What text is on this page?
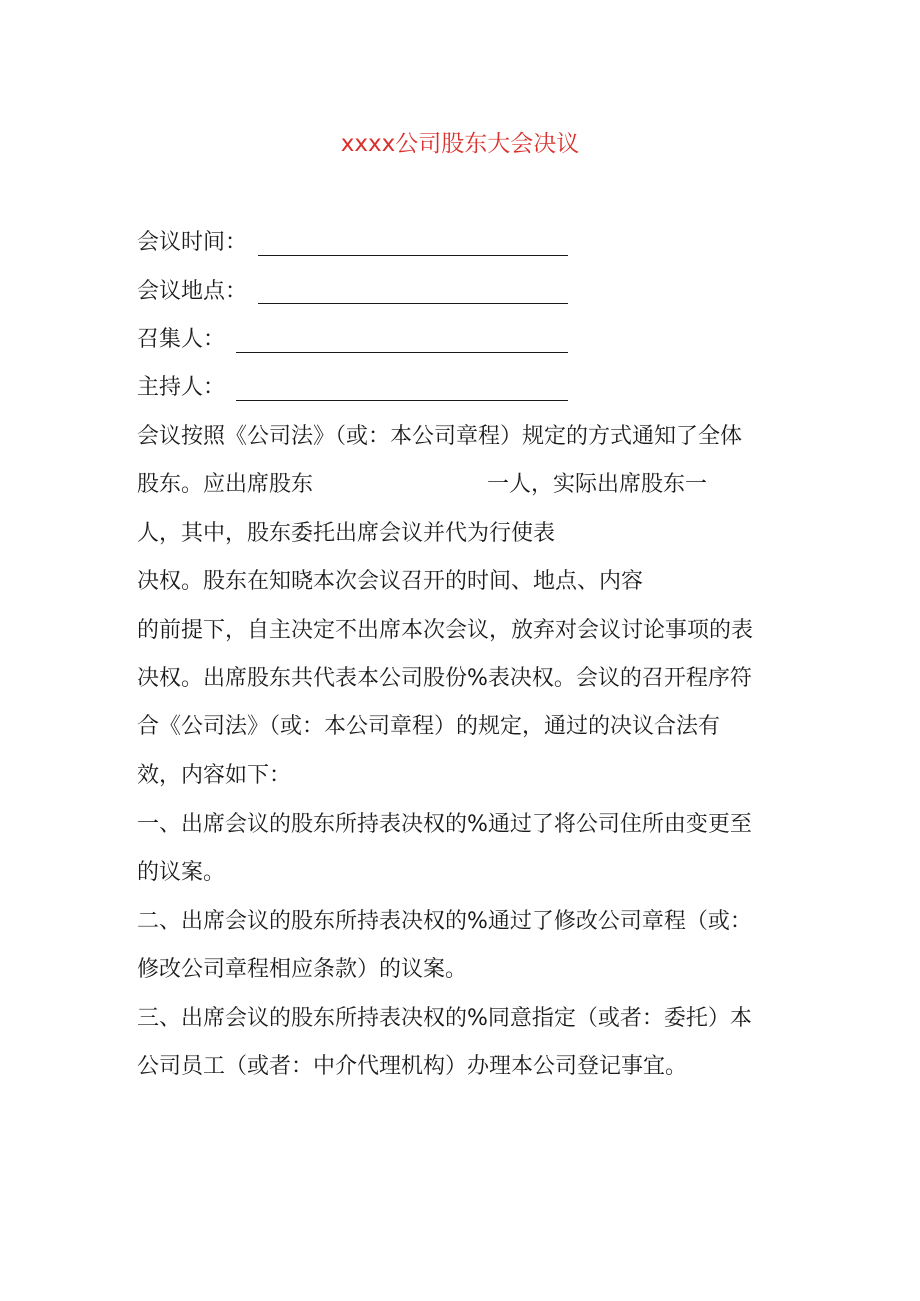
xxxx公司股东大会决议
会议时间：
会议地点：
召集人：
主持人：
会议按照《公司法》（或：本公司章程）规定的方式通知了全体
股东。应出席股东	一人，实际出席股东一
人，其中，股东委托出席会议并代为行使表
决权。股东在知晓本次会议召开的时间、地点、内容
的前提下，自主决定不出席本次会议，放弃对会议讨论事项的表
决权。出席股东共代表本公司股份%表决权。会议的召开程序符
合《公司法》（或：本公司章程）的规定，通过的决议合法有
效，内容如下：
一、出席会议的股东所持表决权的%通过了将公司住所由变更至
的议案。
二、出席会议的股东所持表决权的%通过了修改公司章程（或：
修改公司章程相应条款）的议案。
三、出席会议的股东所持表决权的%同意指定（或者：委托）本
公司员工（或者：中介代理机构）办理本公司登记事宜。
